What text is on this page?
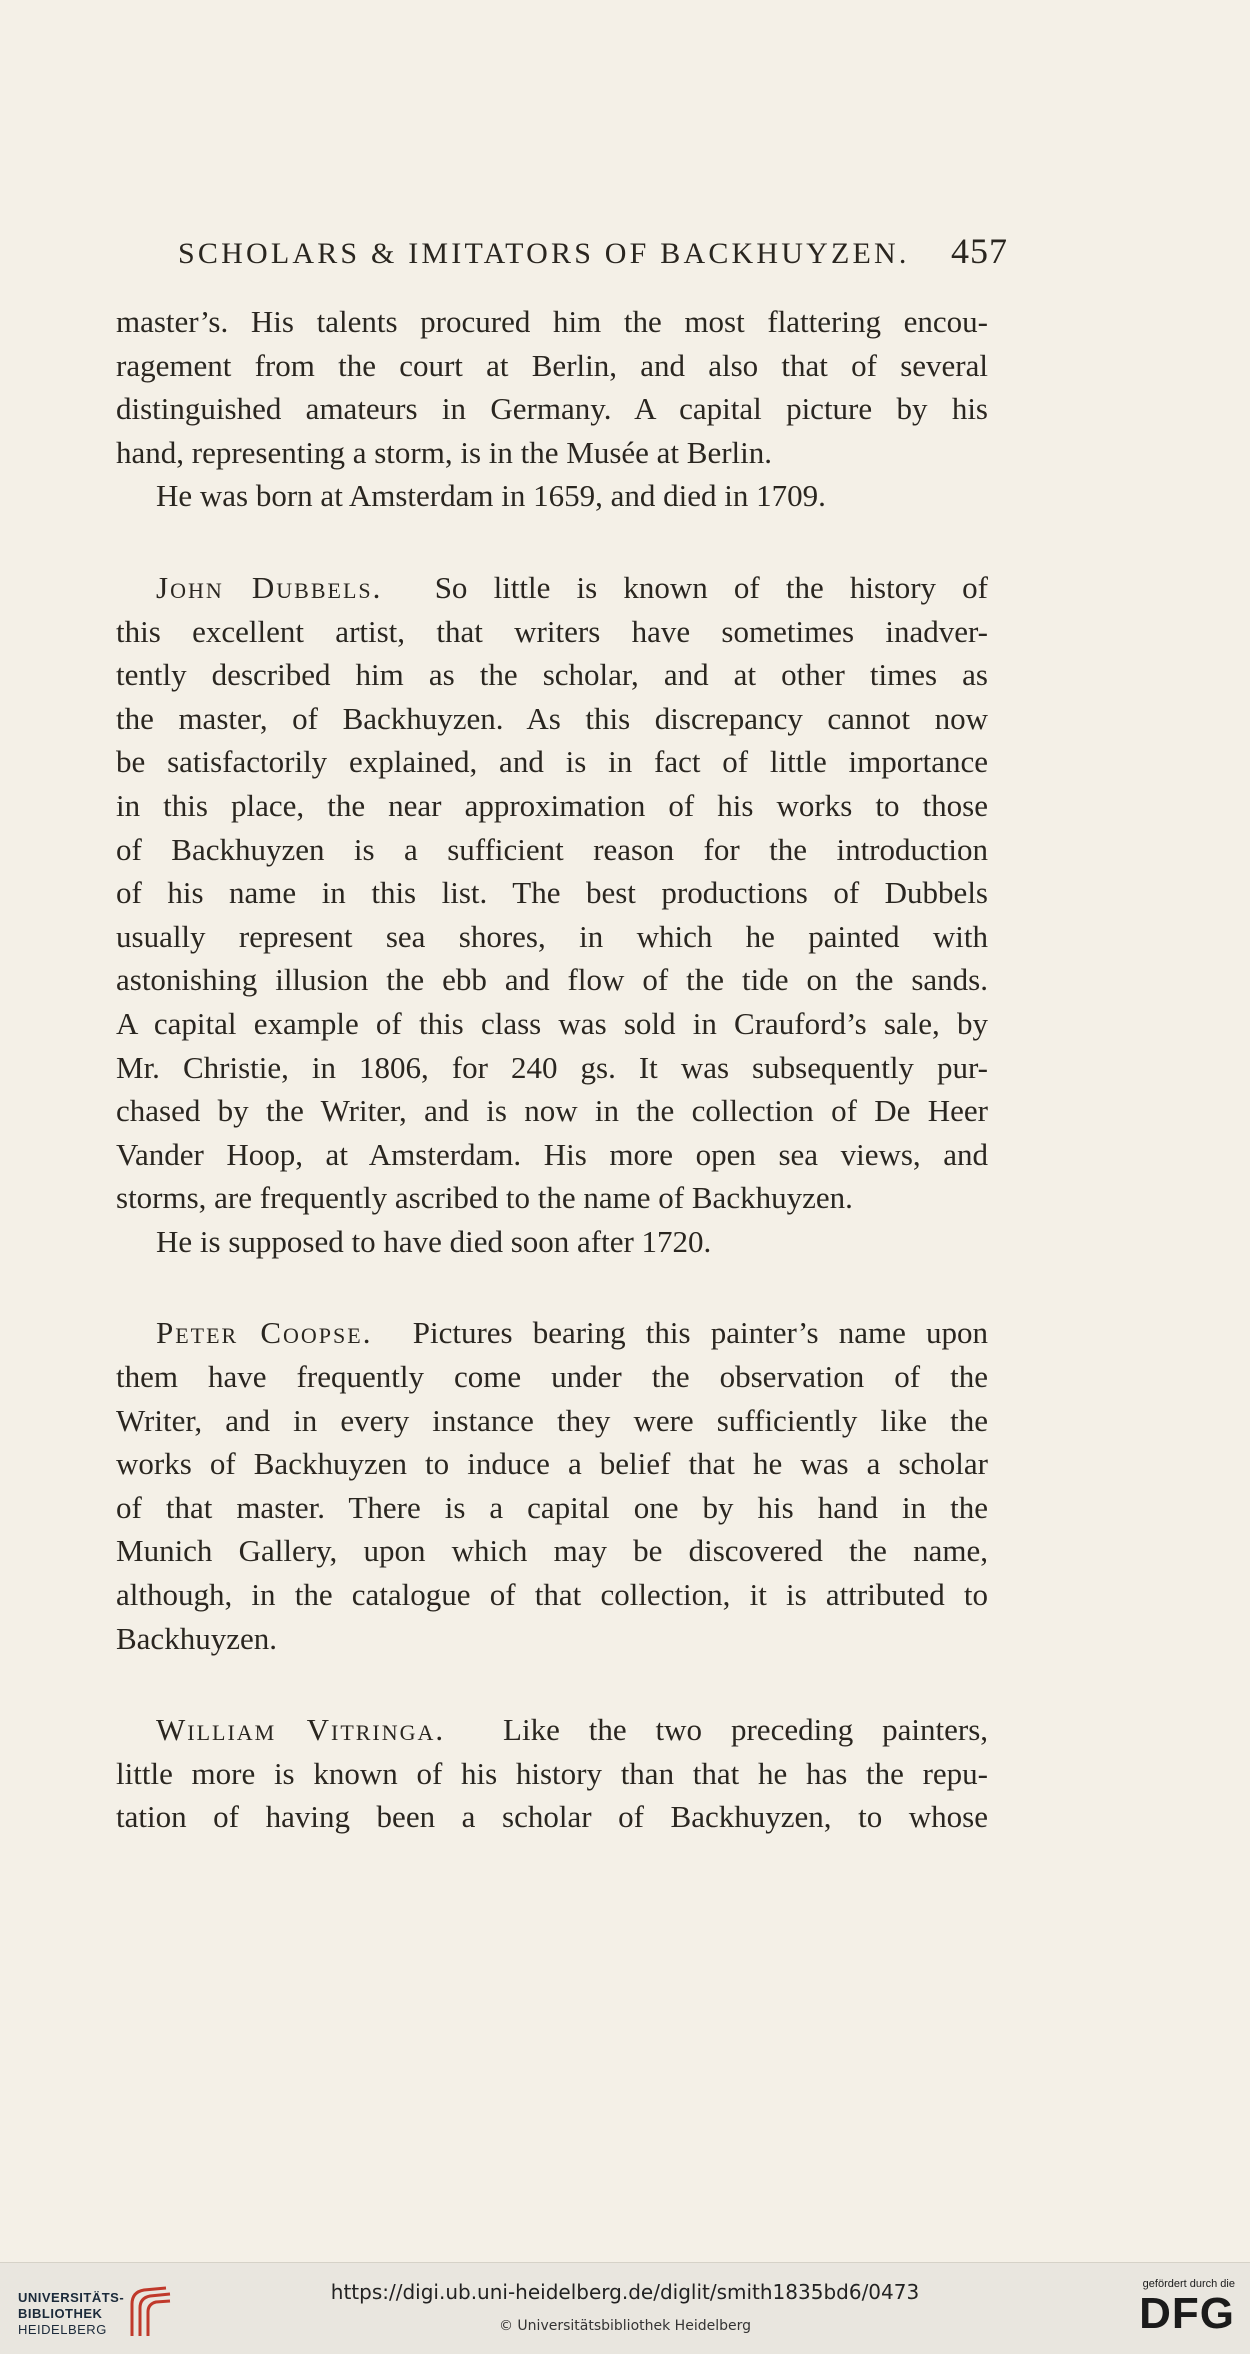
SCHOLARS & IMITATORS OF BACKHUYZEN. 457

master’s. His talents procured him the most flattering encou-
ragement from the court at Berlin, and also that of several
distinguished amateurs in Germany. A capital picture by his
hand, representing a storm, is in the Musée at Berlin.

He was born at Amsterdam in 1659, and died in 1709.

John Dubbels. So little is known of the history of
this excellent artist, that writers have sometimes inadver-
tently described him as the scholar, and at other times as
the master, of Backhuyzen. As this discrepancy cannot now
be satisfactorily explained, and is in fact of little importance
in this place, the near approximation of his works to those
of Backhuyzen is a sufficient reason for the introduction
of his name in this list. The best productions of Dubbels
usually represent sea shores, in which he painted with
astonishing illusion the ebb and flow of the tide on the sands.
A capital example of this class was sold in Crauford’s sale, by
Mr. Christie, in 1806, for 240 gs. It was subsequently pur-
chased by the Writer, and is now in the collection of De Heer
Vander Hoop, at Amsterdam. His more open sea views, and
storms, are frequently ascribed to the name of Backhuyzen.

He is supposed to have died soon after 1720.

Peter Coopse. Pictures bearing this painter’s name upon
them have frequently come under the observation of the
Writer, and in every instance they were sufficiently like the
works of Backhuyzen to induce a belief that he was a scholar
of that master. There is a capital one by his hand in the
Munich Gallery, upon which may be discovered the name,
although, in the catalogue of that collection, it is attributed to
Backhuyzen.

William Vitringa. Like the two preceding painters,
little more is known of his history than that he has the repu-
tation of having been a scholar of Backhuyzen, to whose

UNIVERSITÄTS-
BIBLIOTHEK
HEIDELBERG
https://digi.ub.uni-heidelberg.de/diglit/smith1835bd6/0473
© Universitätsbibliothek Heidelberg
gefördert durch die
DFG
